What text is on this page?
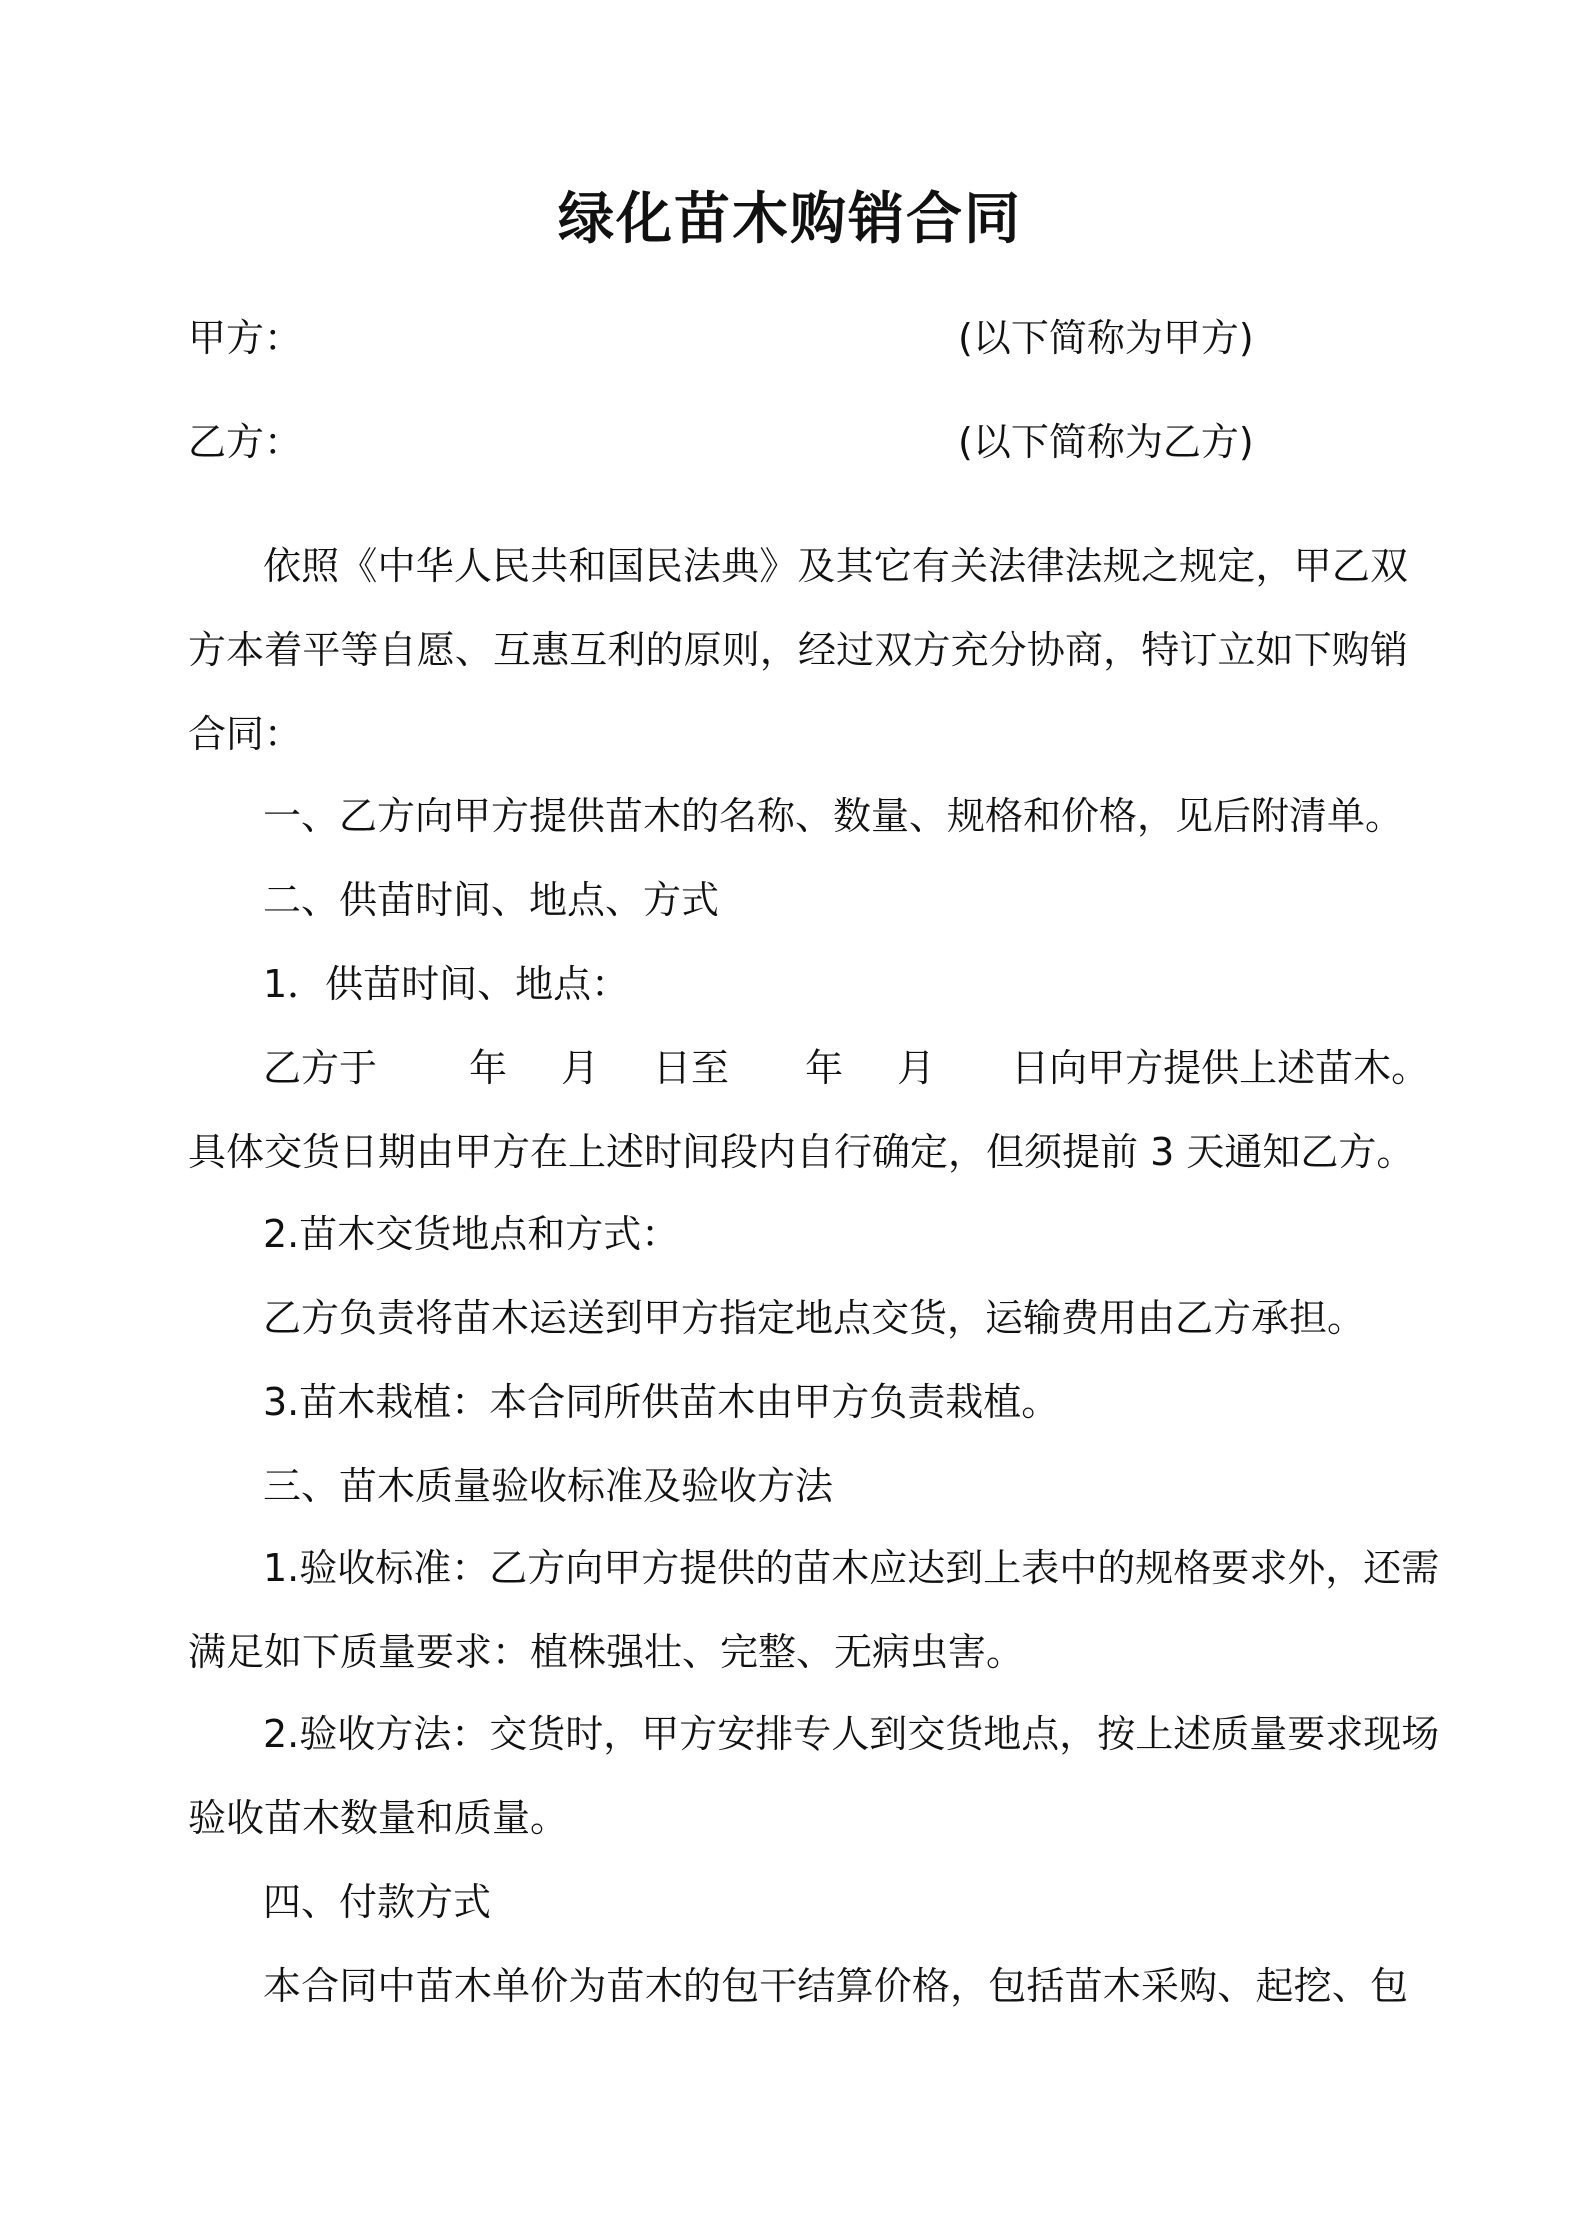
绿化苗木购销合同
甲方：	(以下简称为甲方)
乙方：	(以下简称为乙方)
依照《中华人民共和国民法典》及其它有关法律法规之规定，甲乙双
方本着平等自愿、互惠互利的原则，经过双方充分协商，特订立如下购销
合同：
一、乙方向甲方提供苗木的名称、数量、规格和价格，见后附清单。
二、供苗时间、地点、方式
1．供苗时间、地点：
乙方于 年 月 日至 年 月 日向甲方提供上述苗木。
具体交货日期由甲方在上述时间段内自行确定，但须提前 3 天通知乙方。
2.苗木交货地点和方式：
乙方负责将苗木运送到甲方指定地点交货，运输费用由乙方承担。
3.苗木栽植：本合同所供苗木由甲方负责栽植。
三、苗木质量验收标准及验收方法
1.验收标准：乙方向甲方提供的苗木应达到上表中的规格要求外，还需
满足如下质量要求：植株强壮、完整、无病虫害。
2.验收方法：交货时，甲方安排专人到交货地点，按上述质量要求现场
验收苗木数量和质量。
四、付款方式
本合同中苗木单价为苗木的包干结算价格，包括苗木采购、起挖、包
